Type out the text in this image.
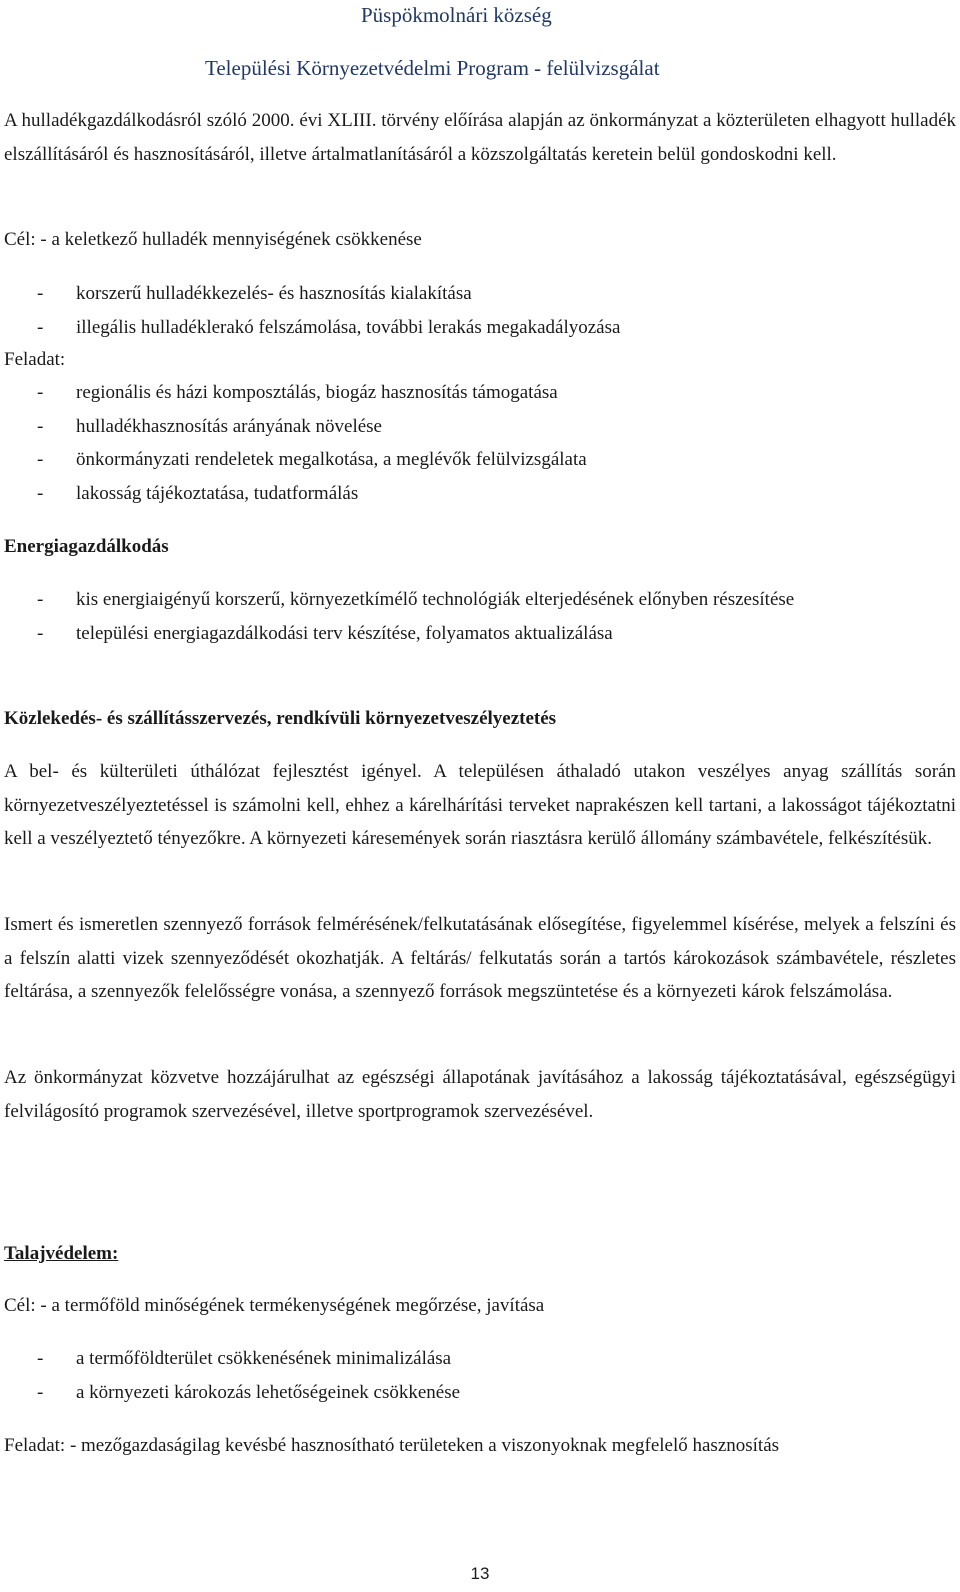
Püspökmolnári község
Települési Környezetvédelmi Program - felülvizsgálat

A hulladékgazdálkodásról szóló 2000. évi XLIII. törvény előírása alapján az önkormányzat a közterületen elhagyott hulladék elszállításáról és hasznosításáról, illetve ártalmatlanításáról a közszolgáltatás keretein belül gondoskodni kell.

Cél: - a keletkező hulladék mennyiségének csökkenése

- korszerű hulladékkezelés- és hasznosítás kialakítása

- illegális hulladéklerakó felszámolása, további lerakás megakadályozása

Feladat:

- regionális és házi komposztálás, biogáz hasznosítás támogatása

- hulladékhasznosítás arányának növelése

- önkormányzati rendeletek megalkotása, a meglévők felülvizsgálata

- lakosság tájékoztatása, tudatformálás

Energiagazdálkodás

- kis energiaigényű korszerű, környezetkímélő technológiák elterjedésének előnyben részesítése

- települési energiagazdálkodási terv készítése, folyamatos aktualizálása

Közlekedés- és szállításszervezés, rendkívüli környezetveszélyeztetés

A bel- és külterületi úthálózat fejlesztést igényel. A településen áthaladó utakon veszélyes anyag szállítás során környezetveszélyeztetéssel is számolni kell, ehhez a kárelhárítási terveket naprakészen kell tartani, a lakosságot tájékoztatni kell a veszélyeztető tényezőkre. A környezeti káresemények során riasztásra kerülő állomány számbavétele, felkészítésük.

Ismert és ismeretlen szennyező források felmérésének/felkutatásának elősegítése, figyelemmel kísérése, melyek a felszíni és a felszín alatti vizek szennyeződését okozhatják. A feltárás/ felkutatás során a tartós károkozások számbavétele, részletes feltárása, a szennyezők felelősségre vonása, a szennyező források megszüntetése és a környezeti károk felszámolása.

Az önkormányzat közvetve hozzájárulhat az egészségi állapotának javításához a lakosság tájékoztatásával, egészségügyi felvilágosító programok szervezésével, illetve sportprogramok szervezésével.

Talajvédelem:

Cél: - a termőföld minőségének termékenységének megőrzése, javítása

- a termőföldterület csökkenésének minimalizálása

- a környezeti károkozás lehetőségeinek csökkenése

Feladat: - mezőgazdaságilag kevésbé hasznosítható területeken a viszonyoknak megfelelő hasznosítás

13
